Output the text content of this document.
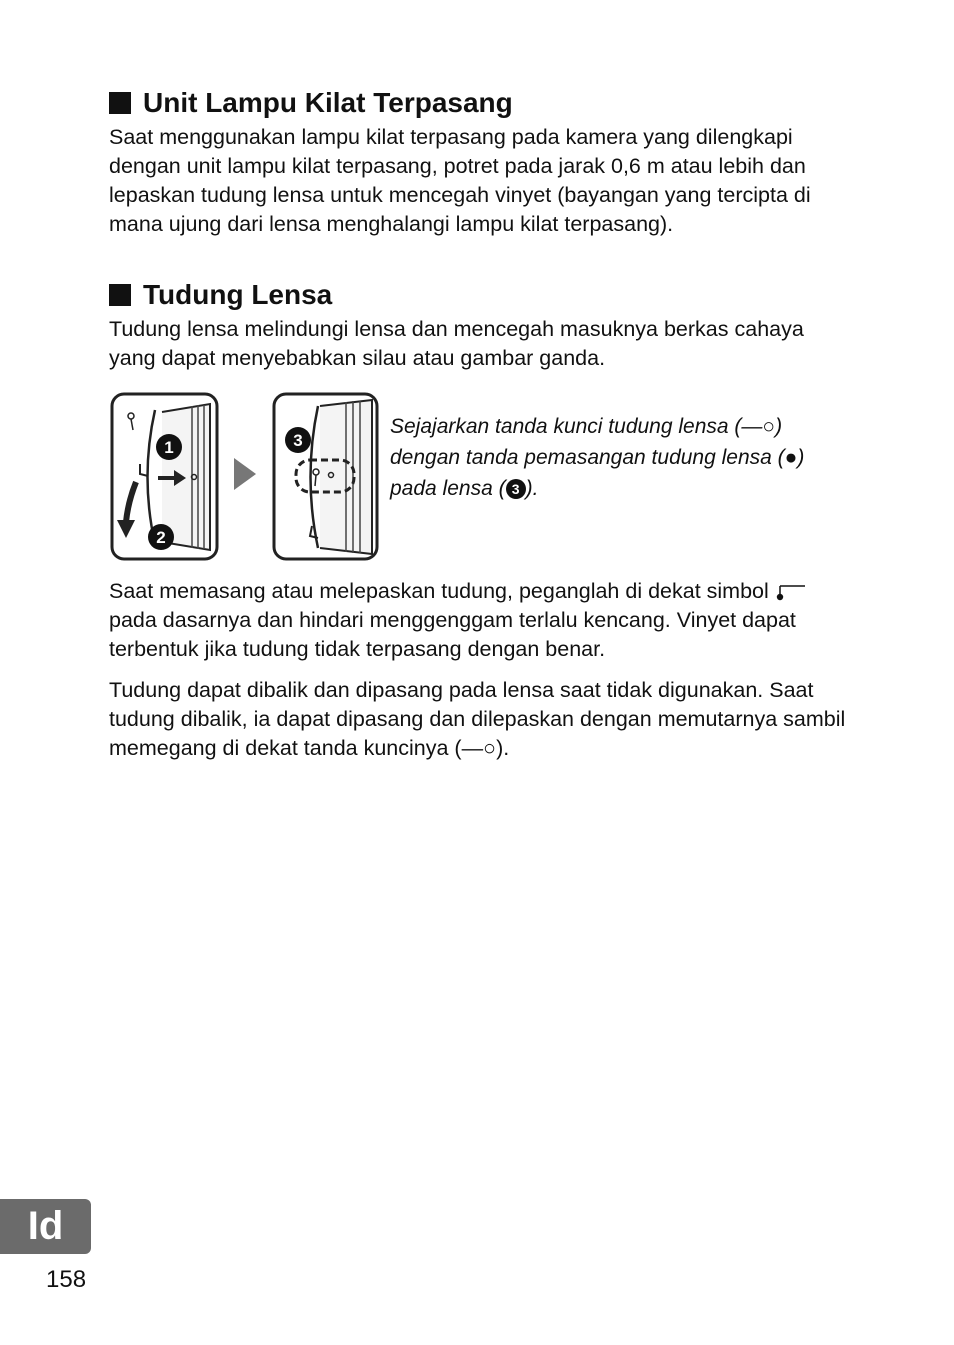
Unit Lampu Kilat Terpasang

Saat menggunakan lampu kilat terpasang pada kamera yang dilengkapi dengan unit lampu kilat terpasang, potret pada jarak 0,6 m atau lebih dan lepaskan tudung lensa untuk mencegah vinyet (bayangan yang tercipta di mana ujung dari lensa menghalangi lampu kilat terpasang).

Tudung Lensa

Tudung lensa melindungi lensa dan mencegah masuknya berkas cahaya yang dapat menyebabkan silau atau gambar ganda.

1
2
3
Sejajarkan tanda kunci tudung lensa (—○) dengan tanda pemasangan tudung lensa (●) pada lensa ( 3 ).

Saat memasang atau melepaskan tudung, peganglah di dekat simbol  pada dasarnya dan hindari menggenggam terlalu kencang. Vinyet dapat terbentuk jika tudung tidak terpasang dengan benar.

Tudung dapat dibalik dan dipasang pada lensa saat tidak digunakan. Saat tudung dibalik, ia dapat dipasang dan dilepaskan dengan memutarnya sambil memegang di dekat tanda kuncinya (—○).

Id
158
